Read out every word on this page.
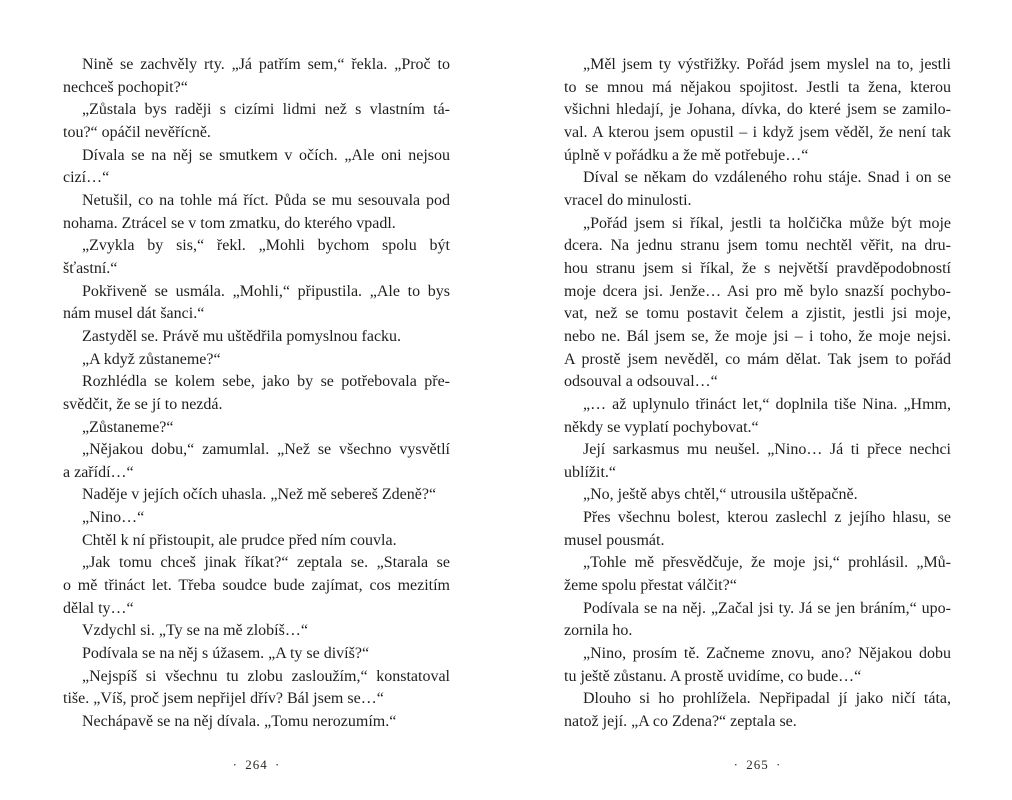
Nině se zachvěly rty. „Já patřím sem,“ řekla. „Proč to
nechceš pochopit?“
„Zůstala bys raději s cizími lidmi než s vlastním tá-
tou?“ opáčil nevěřícně.
Dívala se na něj se smutkem v očích. „Ale oni nejsou
cizí…“
Netušil, co na tohle má říct. Půda se mu sesouvala pod
nohama. Ztrácel se v tom zmatku, do kterého vpadl.
„Zvykla by sis,“ řekl. „Mohli bychom spolu být
šťastní.“
Pokřiveně se usmála. „Mohli,“ připustila. „Ale to bys
nám musel dát šanci.“
Zastyděl se. Právě mu uštědřila pomyslnou facku.
„A když zůstaneme?“
Rozhlédla se kolem sebe, jako by se potřebovala pře-
svědčit, že se jí to nezdá.
„Zůstaneme?“
„Nějakou dobu,“ zamumlal. „Než se všechno vysvětlí
a zařídí…“
Naděje v jejích očích uhasla. „Než mě sebereš Zdeně?“
„Nino…“
Chtěl k ní přistoupit, ale prudce před ním couvla.
„Jak tomu chceš jinak říkat?“ zeptala se. „Starala se
o mě třináct let. Třeba soudce bude zajímat, cos mezitím
dělal ty…“
Vzdychl si. „Ty se na mě zlobíš…“
Podívala se na něj s úžasem. „A ty se divíš?“
„Nejspíš si všechnu tu zlobu zasloužím,“ konstatoval
tiše. „Víš, proč jsem nepřijel dřív? Bál jsem se…“
Nechápavě se na něj dívala. „Tomu nerozumím.“
· 264 ·
„Měl jsem ty výstřižky. Pořád jsem myslel na to, jestli
to se mnou má nějakou spojitost. Jestli ta žena, kterou
všichni hledají, je Johana, dívka, do které jsem se zamilo-
val. A kterou jsem opustil – i když jsem věděl, že není tak
úplně v pořádku a že mě potřebuje…“
Díval se někam do vzdáleného rohu stáje. Snad i on se
vracel do minulosti.
„Pořád jsem si říkal, jestli ta holčička může být moje
dcera. Na jednu stranu jsem tomu nechtěl věřit, na dru-
hou stranu jsem si říkal, že s největší pravděpodobností
moje dcera jsi. Jenže… Asi pro mě bylo snazší pochybo-
vat, než se tomu postavit čelem a zjistit, jestli jsi moje,
nebo ne. Bál jsem se, že moje jsi – i toho, že moje nejsi.
A prostě jsem nevěděl, co mám dělat. Tak jsem to pořád
odsouval a odsouval…“
„… až uplynulo třináct let,“ doplnila tiše Nina. „Hmm,
někdy se vyplatí pochybovat.“
Její sarkasmus mu neušel. „Nino… Já ti přece nechci
ublížit.“
„No, ještě abys chtěl,“ utrousila uštěpačně.
Přes všechnu bolest, kterou zaslechl z jejího hlasu, se
musel pousmát.
„Tohle mě přesvědčuje, že moje jsi,“ prohlásil. „Mů-
žeme spolu přestat válčit?“
Podívala se na něj. „Začal jsi ty. Já se jen bráním,“ upo-
zornila ho.
„Nino, prosím tě. Začneme znovu, ano? Nějakou dobu
tu ještě zůstanu. A prostě uvidíme, co bude…“
Dlouho si ho prohlížela. Nepřipadal jí jako ničí táta,
natož její. „A co Zdena?“ zeptala se.
· 265 ·
